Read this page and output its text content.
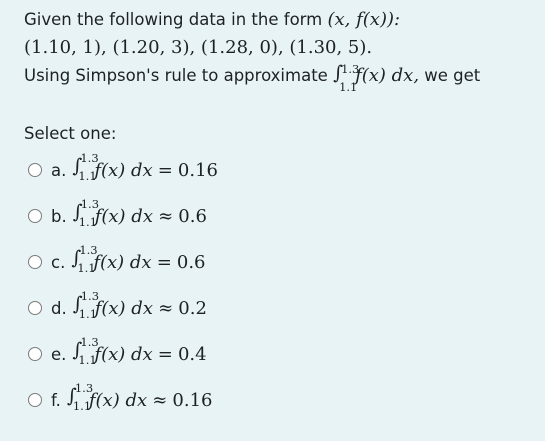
Given the following data in the form (x, f(x)):
(1.10, 1), (1.20, 3), (1.28, 0), (1.30, 5).
Using Simpson's rule to approximate ∫
1.3
1.1
f(x) dx, we get
Select one:
a. ∫
1.3
1.1
f(x) dx
=
0.16
b. ∫
1.3
1.1
f(x) dx
≈
0.6
c. ∫
1.3
1.1
f(x) dx
=
0.6
d. ∫
1.3
1.1
f(x) dx
≈
0.2
e. ∫
1.3
1.1
f(x) dx
=
0.4
f. ∫
1.3
1.1
f(x) dx
≈
0.16
